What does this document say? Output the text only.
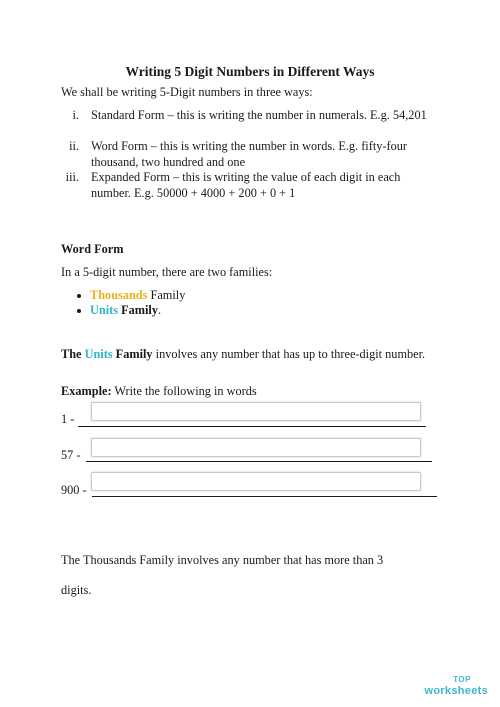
Writing 5 Digit Numbers in Different Ways
We shall be writing 5-Digit numbers in three ways:
i. Standard Form – this is writing the number in numerals. E.g. 54,201
ii. Word Form – this is writing the number in words. E.g. fifty-four thousand, two hundred and one
iii. Expanded Form – this is writing the value of each digit in each number. E.g. 50000 + 4000 + 200 + 0 + 1
Word Form
In a 5-digit number, there are two families:
Thousands Family
Units Family.
The Units Family involves any number that has up to three-digit number.
Example: Write the following in words
1 -
57 -
900 -
The Thousands Family involves any number that has more than 3
digits.
TOP
worksheets
